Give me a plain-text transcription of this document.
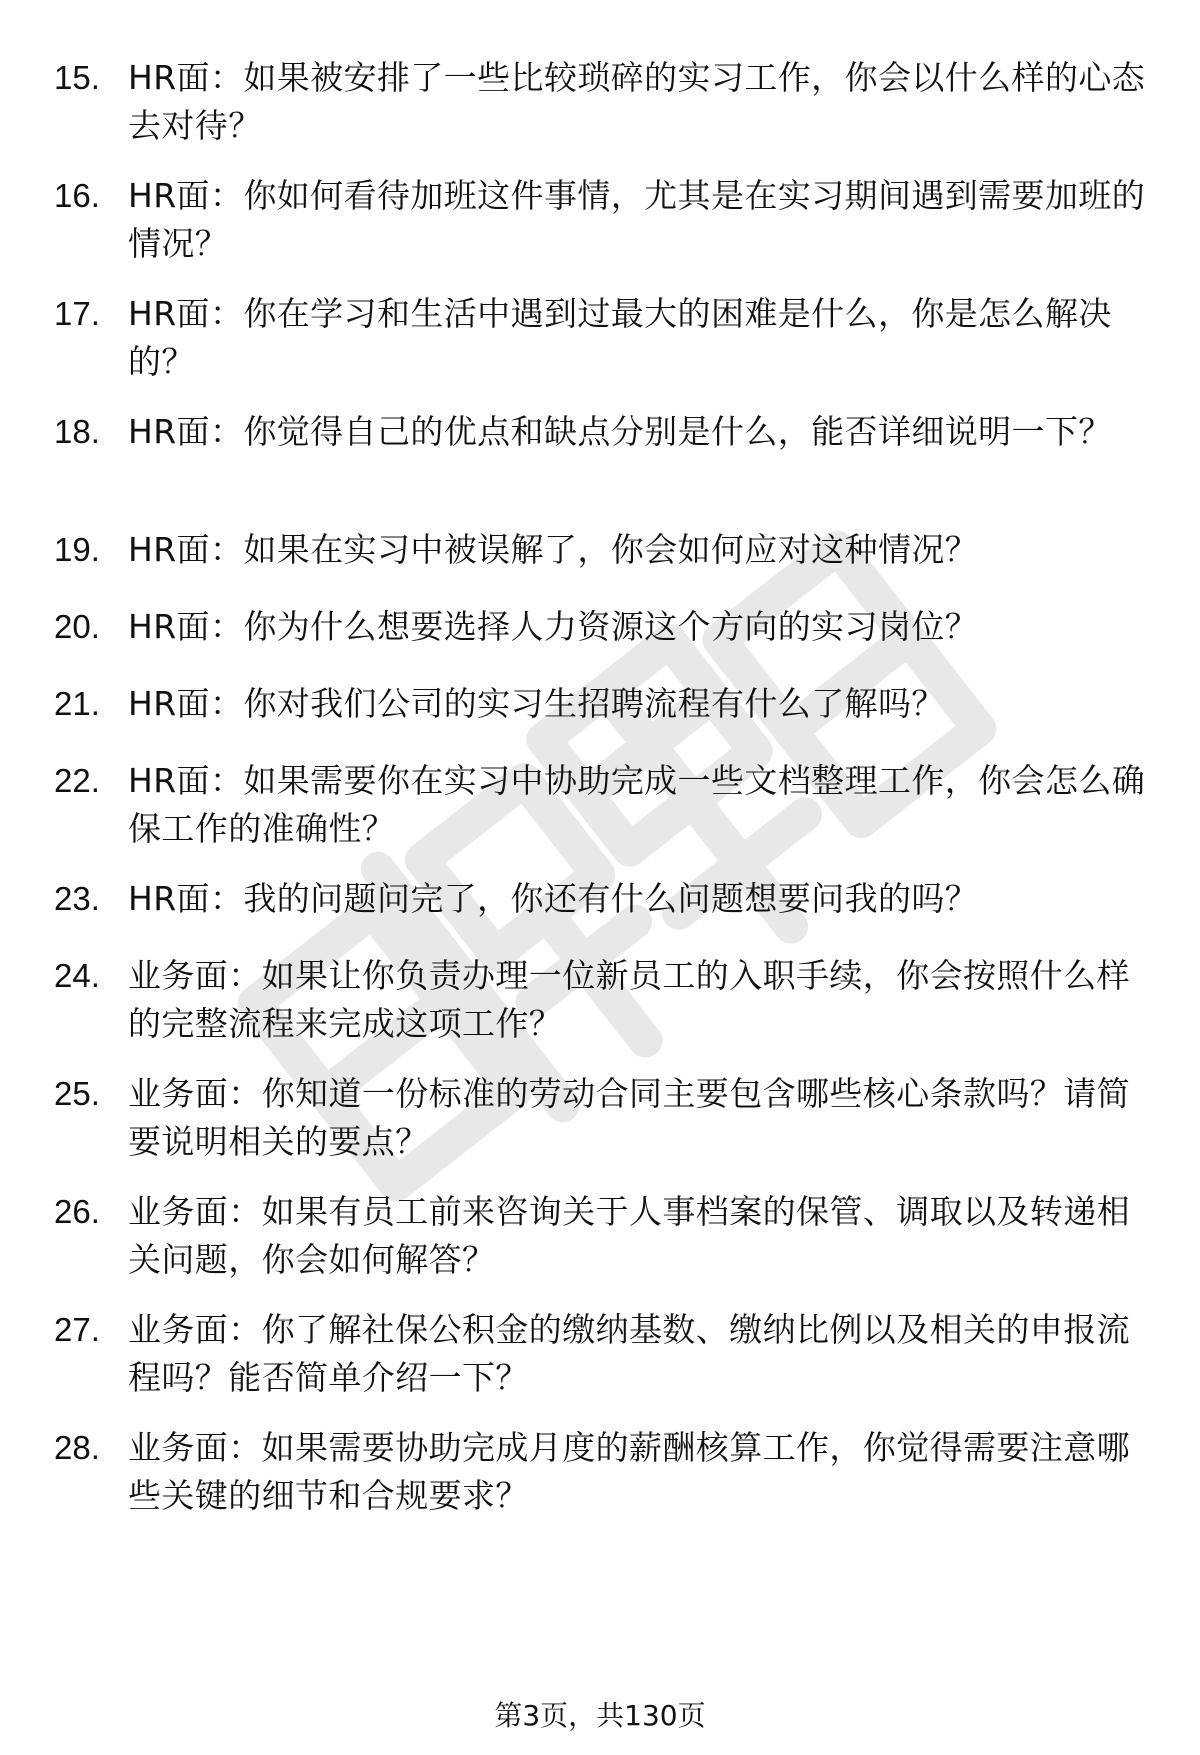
15. HR面：如果被安排了一些比较琐碎的实习工作，你会以什么样的心态去对待？
16. HR面：你如何看待加班这件事情，尤其是在实习期间遇到需要加班的情况？
17. HR面：你在学习和生活中遇到过最大的困难是什么，你是怎么解决的？
18. HR面：你觉得自己的优点和缺点分别是什么，能否详细说明一下？
19. HR面：如果在实习中被误解了，你会如何应对这种情况？
20. HR面：你为什么想要选择人力资源这个方向的实习岗位？
21. HR面：你对我们公司的实习生招聘流程有什么了解吗？
22. HR面：如果需要你在实习中协助完成一些文档整理工作，你会怎么确保工作的准确性？
23. HR面：我的问题问完了，你还有什么问题想要问我的吗？
24. 业务面：如果让你负责办理一位新员工的入职手续，你会按照什么样的完整流程来完成这项工作？
25. 业务面：你知道一份标准的劳动合同主要包含哪些核心条款吗？请简要说明相关的要点？
26. 业务面：如果有员工前来咨询关于人事档案的保管、调取以及转递相关问题，你会如何解答？
27. 业务面：你了解社保公积金的缴纳基数、缴纳比例以及相关的申报流程吗？能否简单介绍一下？
28. 业务面：如果需要协助完成月度的薪酬核算工作，你觉得需要注意哪些关键的细节和合规要求？
第3页，共130页
